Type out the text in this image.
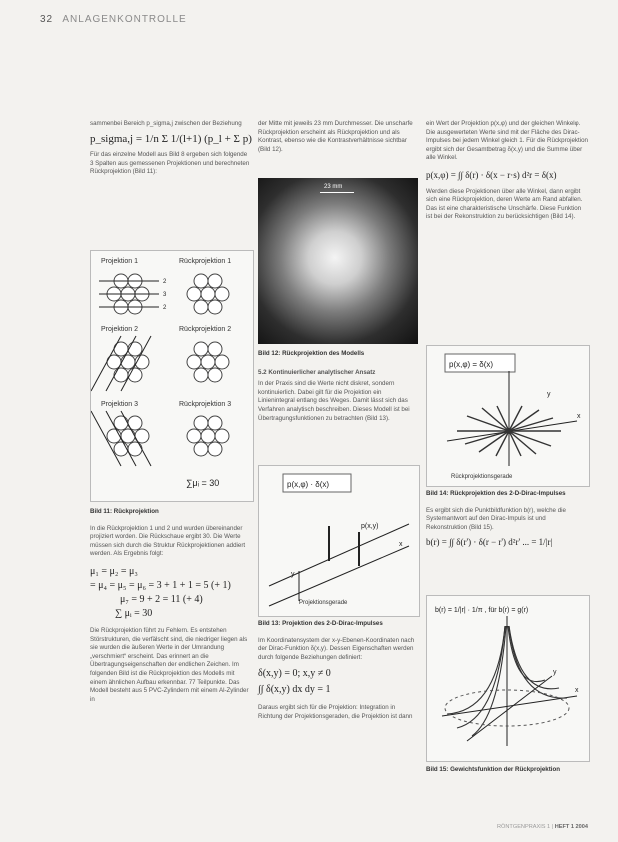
32 ANLAGENKONTROLLE

sammenbei Bereich p_sigma,j zwischen der Beziehung

p_sigma,j = 1/n Σ 1/(l+1) (p_l + Σ p)

Für das einzelne Modell aus Bild 8 ergeben sich folgende 3 Spalten aus gemessenen Projektionen und berechneten Rückprojektion (Bild 11):

Projektion 1	Rückprojektion 1
2
3
2
Projektion 2	Rückprojektion 2
Projektion 3	Rückprojektion 3
∑μᵢ = 30

Bild 11: Rückprojektion

In die Rückprojektion 1 und 2 und wurden übereinander projiziert worden. Die Rückschaue ergibt 30. Die Werte müssen sich durch die Struktur Rückprojektionen addiert werden. Als Ergebnis folgt:

μ₁ = μ₂ = μ₃
= μ₄ = μ₅ = μ₆ = 3 + 1 + 1 = 5 (+ 1)
μ₇ = 9 + 2 = 11 (+ 4)
∑ μᵢ = 30

Die Rückprojektion führt zu Fehlern. Es entstehen Störstrukturen, die verfälscht sind, die niedriger liegen als sie wurden die äußeren Werte in der Umrandung „verschmiert“ erscheint. Das erinnert an die Übertragungseigenschaften der endlichen Zeichen. Im folgenden Bild ist die Rückprojektion des Modells mit einem ähnlichen Aufbau erkennbar. 77 Teilpunkte. Das Modell besteht aus 5 PVC-Zylindern mit einem Al-Zylinder in

der Mitte mit jeweils 23 mm Durchmesser. Die unscharfe Rückprojektion erscheint als Rückprojektion und als Kontrast, ebenso wie die Kontrastverhältnisse sichtbar (Bild 12).

23 mm

Bild 12: Rückprojektion des Modells

5.2 Kontinuierlicher analytischer Ansatz

In der Praxis sind die Werte nicht diskret, sondern kontinuierlich. Dabei gilt für die Projektion ein Linienintegral entlang des Weges. Damit lässt sich das Verfahren analytisch beschreiben. Dieses Modell ist bei Übertragungsfunktionen zu betrachten (Bild 13).

p(x,φ) · δ(x)
p(x,y)
x
y
Projektionsgerade

Bild 13: Projektion des 2-D-Dirac-Impulses

Im Koordinatensystem der x-y-Ebenen-Koordinaten nach der Dirac-Funktion δ(x,y). Dessen Eigenschaften werden durch folgende Beziehungen definiert:

δ(x,y) = 0; x,y ≠ 0
∫∫ δ(x,y) dx dy = 1

Daraus ergibt sich für die Projektion: Integration in Richtung der Projektionsgeraden, die Projektion ist dann

ein Wert der Projektion p(x,φ) und der gleichen Winkelφ. Die ausgewerteten Werte sind mit der Fläche des Dirac-Impulses bei jedem Winkel gleich 1. Für die Rückprojektion ergibt sich der Gesamtbetrag δ(x,y) und die Summe über alle Winkel.

p(x,φ) = ∫∫ δ(r) · δ(x − r·s) d²r = δ(x)

Werden diese Projektionen über alle Winkel, dann ergibt sich eine Rückprojektion, deren Werte am Rand abfallen. Das ist eine charakteristische Unschärfe. Diese Funktion ist bei der Rekonstruktion zu berücksichtigen (Bild 14).

p(x,φ) = δ(x)
x
y
Rückprojektionsgerade

Bild 14: Rückprojektion des 2-D-Dirac-Impulses

Es ergibt sich die Punktbildfunktion b(r), welche die Systemantwort auf den Dirac-Impuls ist und Rekonstruktion (Bild 15).

b(r) = ∫∫ δ(r') · δ(r − r') d²r' ... = 1/|r|
b(r) = 1/|r| · 1/π , für b(r) = g(r)
x
y

Bild 15: Gewichtsfunktion der Rückprojektion

RÖNTGENPRAXIS 1 | HEFT 1 2004
